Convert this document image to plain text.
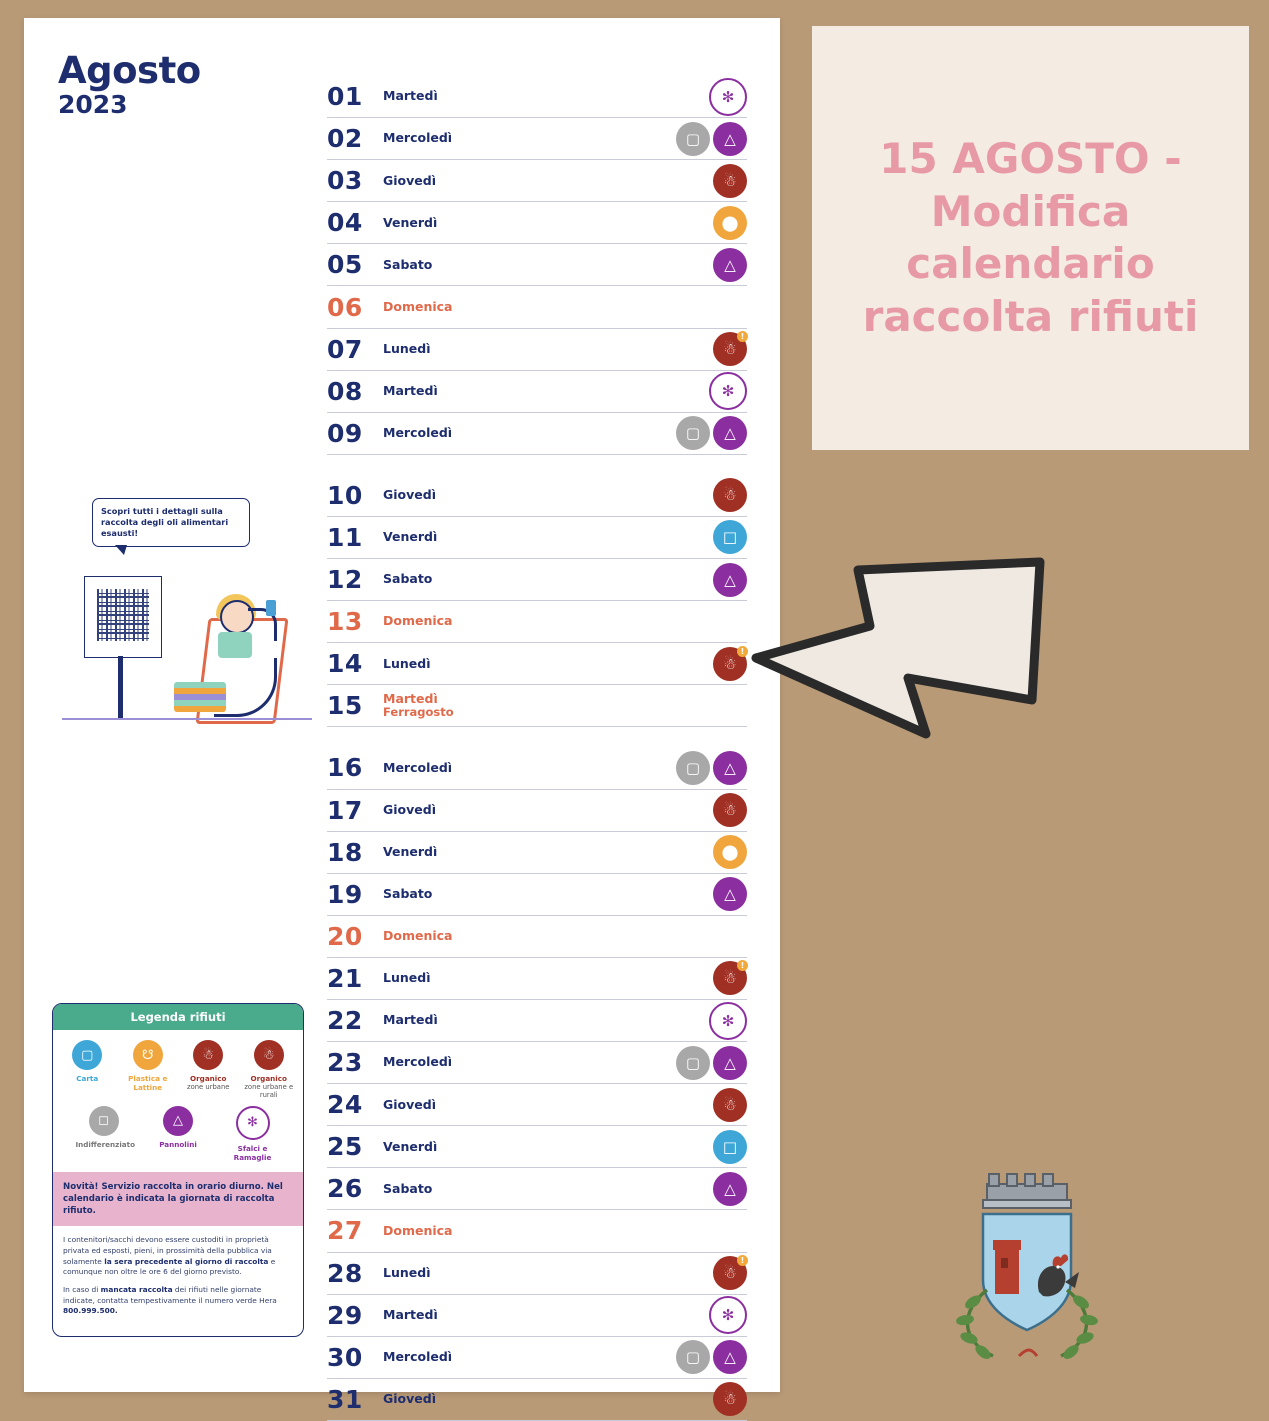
Agosto
2023	01	Martedì	✻
02	Mercoledì	▢	△
03	Giovedì	☃
04	Venerdì	⬤
05	Sabato	△
06	Domenica
07	Lunedì	☃
!
08	Martedì	✻
09	Mercoledì	▢	△
10	Giovedì	☃
11	Venerdì	□
12	Sabato	△
13	Domenica
14	Lunedì	☃
!
15	Martedì
Ferragosto
16	Mercoledì	▢	△
17	Giovedì	☃
18	Venerdì	⬤
19	Sabato	△
20	Domenica
21	Lunedì	☃
!
22	Martedì	✻
23	Mercoledì	▢	△
24	Giovedì	☃
25	Venerdì	□
26	Sabato	△
27	Domenica
28	Lunedì	☃
!
29	Martedì	✻
30	Mercoledì	▢	△
31	Giovedì	☃
Scopri tutti i dettagli sulla raccolta degli oli alimentari esausti!
Legenda rifiuti
▢
Carta
☋
Plastica e Lattine
☃
Organico
zone urbane
☃
Organico
zone urbane e rurali
◻
Indifferenziato
△
Pannolini
✻
Sfalci e Ramaglie
Novità! Servizio raccolta in orario diurno. Nel calendario è indicata la giornata di raccolta rifiuto.

I contenitori/sacchi devono essere custoditi in proprietà privata ed esposti, pieni, in prossimità della pubblica via solamente la sera precedente al giorno di raccolta e comunque non oltre le ore 6 del giorno previsto.

In caso di mancata raccolta dei rifiuti nelle giornate indicate, contatta tempestivamente il numero verde Hera 800.999.500.

15 AGOSTO - Modifica calendario raccolta rifiuti
